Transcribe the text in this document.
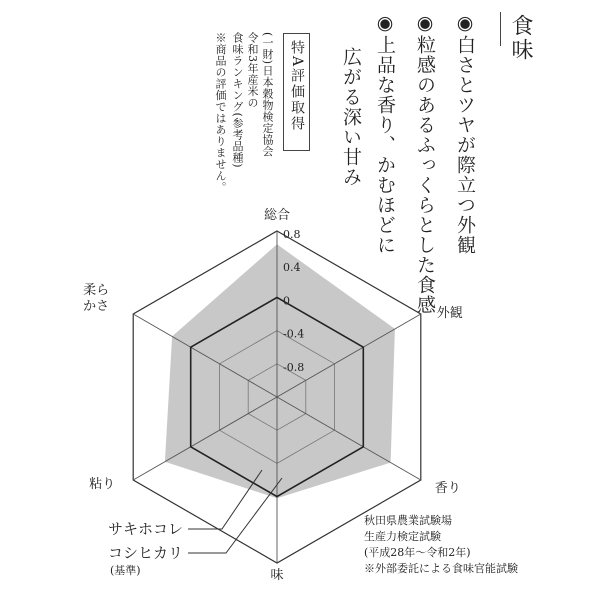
食味
◉白さとツヤが際立つ外観
◉粒感のあるふっくらとした食感
◉上品な香り、かむほどに
広がる深い甘み
特A評価取得
(一財)日本穀物検定協会
令和3年産米の
食味ランキング(参考品種)
※商品の評価ではありません。
0.8
0.4
0
-0.4
-0.8
総合
外観
香り
味
粘り
柔ら
かさ
サキホコレ
コシヒカリ
(基準)
秋田県農業試験場
生産力検定試験
(平成28年～令和2年)
※外部委託による食味官能試験
